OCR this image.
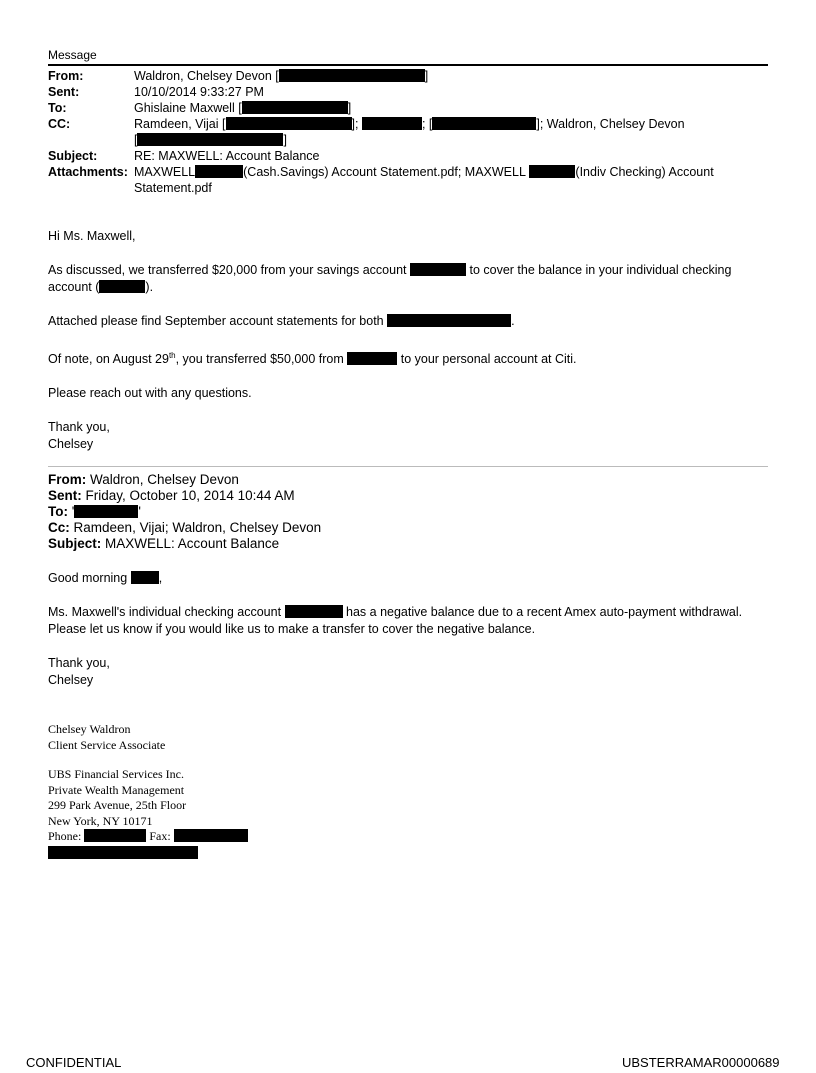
Message
From:	Waldron, Chelsey Devon [	]
Sent:	10/10/2014 9:33:27 PM
To:	Ghislaine Maxwell [	]
CC:	Ramdeen, Vijai [	];	; [	]; Waldron, Chelsey Devon
[	]
Subject:	RE: MAXWELL: Account Balance
Attachments: MAXWELL	(Cash.Savings) Account Statement.pdf; MAXWELL	(Indiv Checking) Account
Statement.pdf

Hi Ms. Maxwell,

As discussed, we transferred $20,000 from your savings account	to cover the balance in your individual checking
account (	).

Attached please find September account statements for both	.

Of note, on August 29th, you transferred $50,000 from	to your personal account at Citi.

Please reach out with any questions.

Thank you,
Chelsey

From: Waldron, Chelsey Devon
Sent: Friday, October 10, 2014 10:44 AM
To: '	'
Cc: Ramdeen, Vijai; Waldron, Chelsey Devon
Subject: MAXWELL: Account Balance

Good morning	,

Ms. Maxwell's individual checking account	has a negative balance due to a recent Amex auto-payment withdrawal.
Please let us know if you would like us to make a transfer to cover the negative balance.

Thank you,
Chelsey

Chelsey Waldron
Client Service Associate

UBS Financial Services Inc.
Private Wealth Management
299 Park Avenue, 25th Floor
New York, NY 10171
Phone:	Fax:

CONFIDENTIAL	UBSTERRAMAR00000689
